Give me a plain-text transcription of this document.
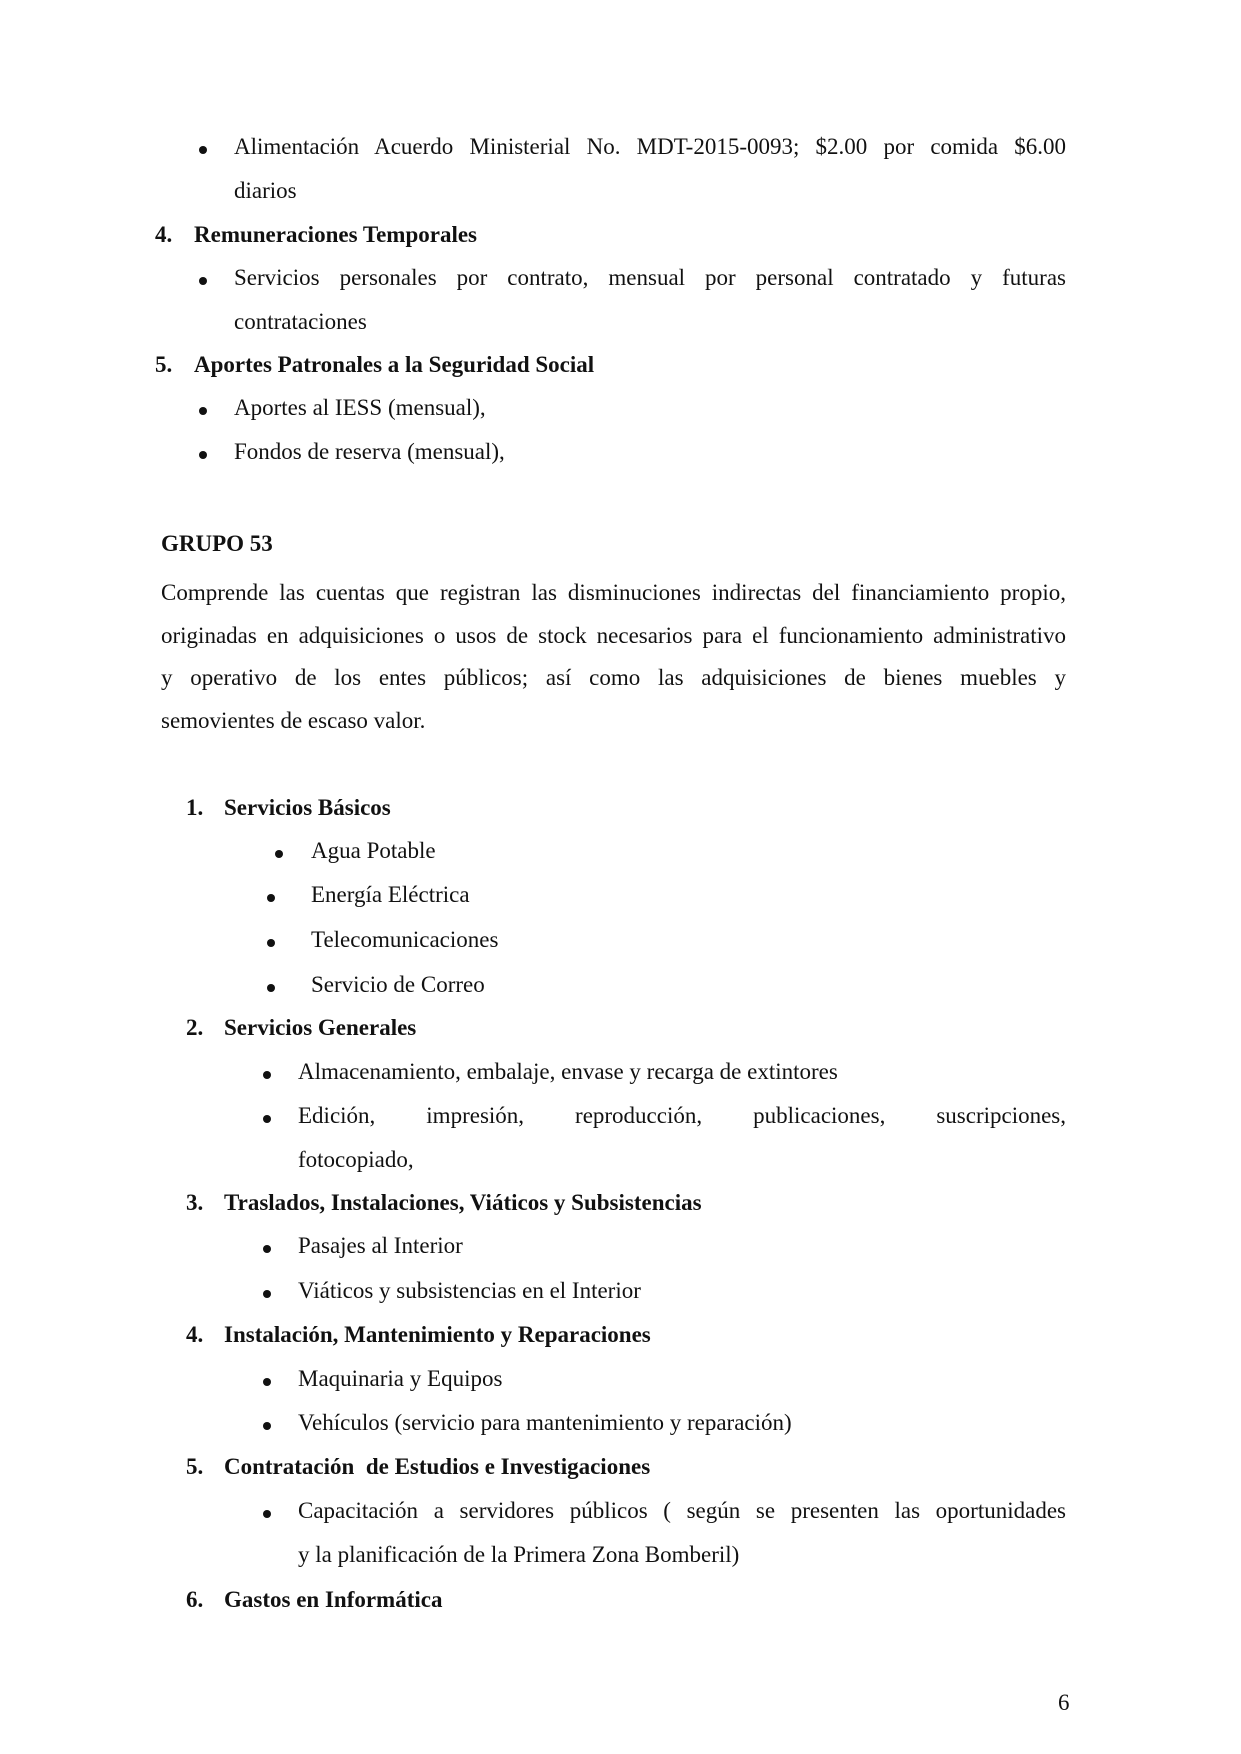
Alimentación Acuerdo Ministerial No. MDT-2015-0093; $2.00 por comida $6.00
diarios
4. Remuneraciones Temporales
Servicios personales por contrato, mensual por personal contratado y futuras
contrataciones
5. Aportes Patronales a la Seguridad Social
Aportes al IESS (mensual),
Fondos de reserva (mensual),
GRUPO 53
Comprende las cuentas que registran las disminuciones indirectas del financiamiento propio,
originadas en adquisiciones o usos de stock necesarios para el funcionamiento administrativo
y operativo de los entes públicos; así como las adquisiciones de bienes muebles y
semovientes de escaso valor.
1. Servicios Básicos
Agua Potable
Energía Eléctrica
Telecomunicaciones
Servicio de Correo
2. Servicios Generales
Almacenamiento, embalaje, envase y recarga de extintores
Edición, impresión, reproducción, publicaciones, suscripciones,
fotocopiado,
3. Traslados, Instalaciones, Viáticos y Subsistencias
Pasajes al Interior
Viáticos y subsistencias en el Interior
4. Instalación, Mantenimiento y Reparaciones
Maquinaria y Equipos
Vehículos (servicio para mantenimiento y reparación)
5. Contratación  de Estudios e Investigaciones
Capacitación a servidores públicos ( según se presenten las oportunidades
y la planificación de la Primera Zona Bomberil)
6. Gastos en Informática
6
